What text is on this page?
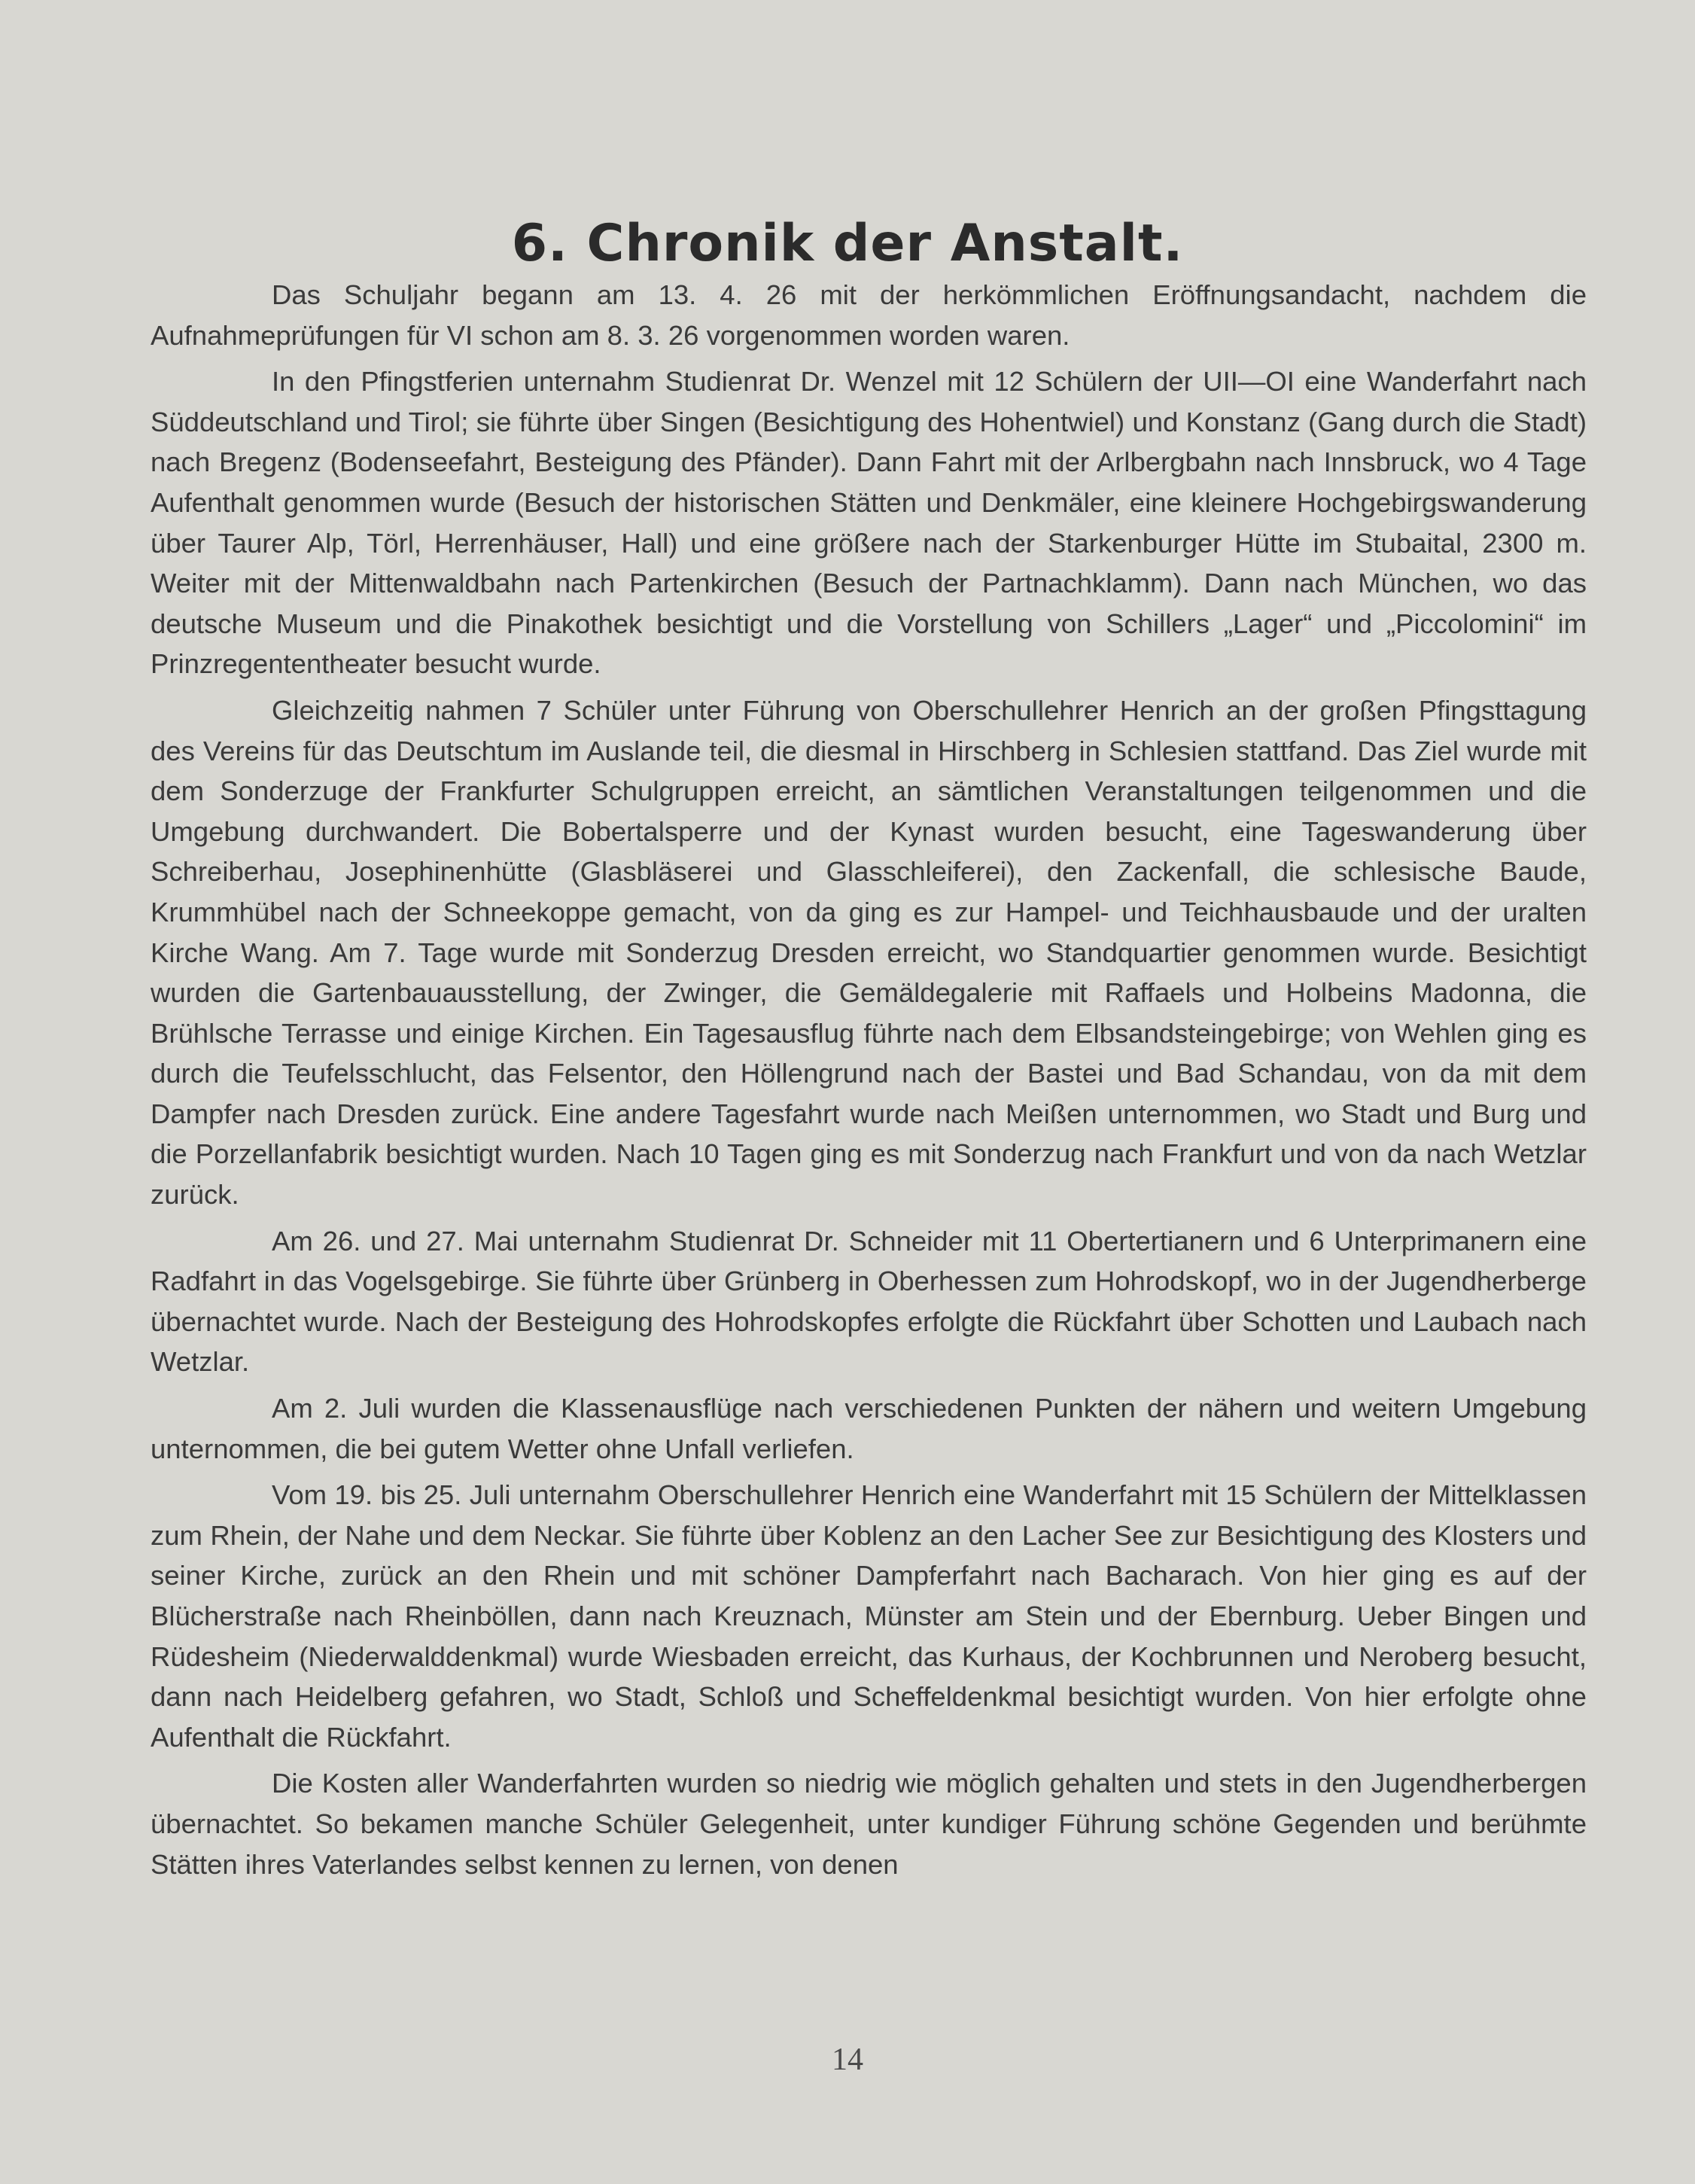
6. Chronik der Anstalt.

Das Schuljahr begann am 13. 4. 26 mit der herkömmlichen Eröffnungsandacht, nachdem die Aufnahmeprüfungen für VI schon am 8. 3. 26 vorgenommen worden waren.

In den Pfingstferien unternahm Studienrat Dr. Wenzel mit 12 Schülern der UII—OI eine Wanderfahrt nach Süddeutschland und Tirol; sie führte über Singen (Besichtigung des Hohentwiel) und Konstanz (Gang durch die Stadt) nach Bregenz (Bodenseefahrt, Besteigung des Pfänder). Dann Fahrt mit der Arlbergbahn nach Innsbruck, wo 4 Tage Aufenthalt genommen wurde (Besuch der historischen Stätten und Denkmäler, eine kleinere Hochgebirgswanderung über Taurer Alp, Törl, Herrenhäuser, Hall) und eine größere nach der Starkenburger Hütte im Stubaital, 2300 m. Weiter mit der Mittenwaldbahn nach Partenkirchen (Besuch der Partnachklamm). Dann nach München, wo das deutsche Museum und die Pinakothek besichtigt und die Vorstellung von Schillers „Lager“ und „Piccolomini“ im Prinzregententheater besucht wurde.

Gleichzeitig nahmen 7 Schüler unter Führung von Oberschullehrer Henrich an der großen Pfingsttagung des Vereins für das Deutschtum im Auslande teil, die diesmal in Hirschberg in Schlesien stattfand. Das Ziel wurde mit dem Sonderzuge der Frankfurter Schulgruppen erreicht, an sämtlichen Veranstaltungen teilgenommen und die Umgebung durchwandert. Die Bobertalsperre und der Kynast wurden besucht, eine Tageswanderung über Schreiberhau, Josephinenhütte (Glasbläserei und Glasschleiferei), den Zackenfall, die schlesische Baude, Krummhübel nach der Schneekoppe gemacht, von da ging es zur Hampel- und Teichhausbaude und der uralten Kirche Wang. Am 7. Tage wurde mit Sonderzug Dresden erreicht, wo Standquartier genommen wurde. Besichtigt wurden die Gartenbauausstellung, der Zwinger, die Gemäldegalerie mit Raffaels und Holbeins Madonna, die Brühlsche Terrasse und einige Kirchen. Ein Tagesausflug führte nach dem Elbsandsteingebirge; von Wehlen ging es durch die Teufelsschlucht, das Felsentor, den Höllengrund nach der Bastei und Bad Schandau, von da mit dem Dampfer nach Dresden zurück. Eine andere Tagesfahrt wurde nach Meißen unternommen, wo Stadt und Burg und die Porzellanfabrik besichtigt wurden. Nach 10 Tagen ging es mit Sonderzug nach Frankfurt und von da nach Wetzlar zurück.

Am 26. und 27. Mai unternahm Studienrat Dr. Schneider mit 11 Obertertianern und 6 Unterprimanern eine Radfahrt in das Vogelsgebirge. Sie führte über Grünberg in Oberhessen zum Hohrodskopf, wo in der Jugendherberge übernachtet wurde. Nach der Besteigung des Hohrodskopfes erfolgte die Rückfahrt über Schotten und Laubach nach Wetzlar.

Am 2. Juli wurden die Klassenausflüge nach verschiedenen Punkten der nähern und weitern Umgebung unternommen, die bei gutem Wetter ohne Unfall verliefen.

Vom 19. bis 25. Juli unternahm Oberschullehrer Henrich eine Wanderfahrt mit 15 Schülern der Mittelklassen zum Rhein, der Nahe und dem Neckar. Sie führte über Koblenz an den Lacher See zur Besichtigung des Klosters und seiner Kirche, zurück an den Rhein und mit schöner Dampferfahrt nach Bacharach. Von hier ging es auf der Blücherstraße nach Rheinböllen, dann nach Kreuznach, Münster am Stein und der Ebernburg. Ueber Bingen und Rüdesheim (Niederwalddenkmal) wurde Wiesbaden erreicht, das Kurhaus, der Kochbrunnen und Neroberg besucht, dann nach Heidelberg gefahren, wo Stadt, Schloß und Scheffeldenkmal besichtigt wurden. Von hier erfolgte ohne Aufenthalt die Rückfahrt.

Die Kosten aller Wanderfahrten wurden so niedrig wie möglich gehalten und stets in den Jugendherbergen übernachtet. So bekamen manche Schüler Gelegenheit, unter kundiger Führung schöne Gegenden und berühmte Stätten ihres Vaterlandes selbst kennen zu lernen, von denen

14
